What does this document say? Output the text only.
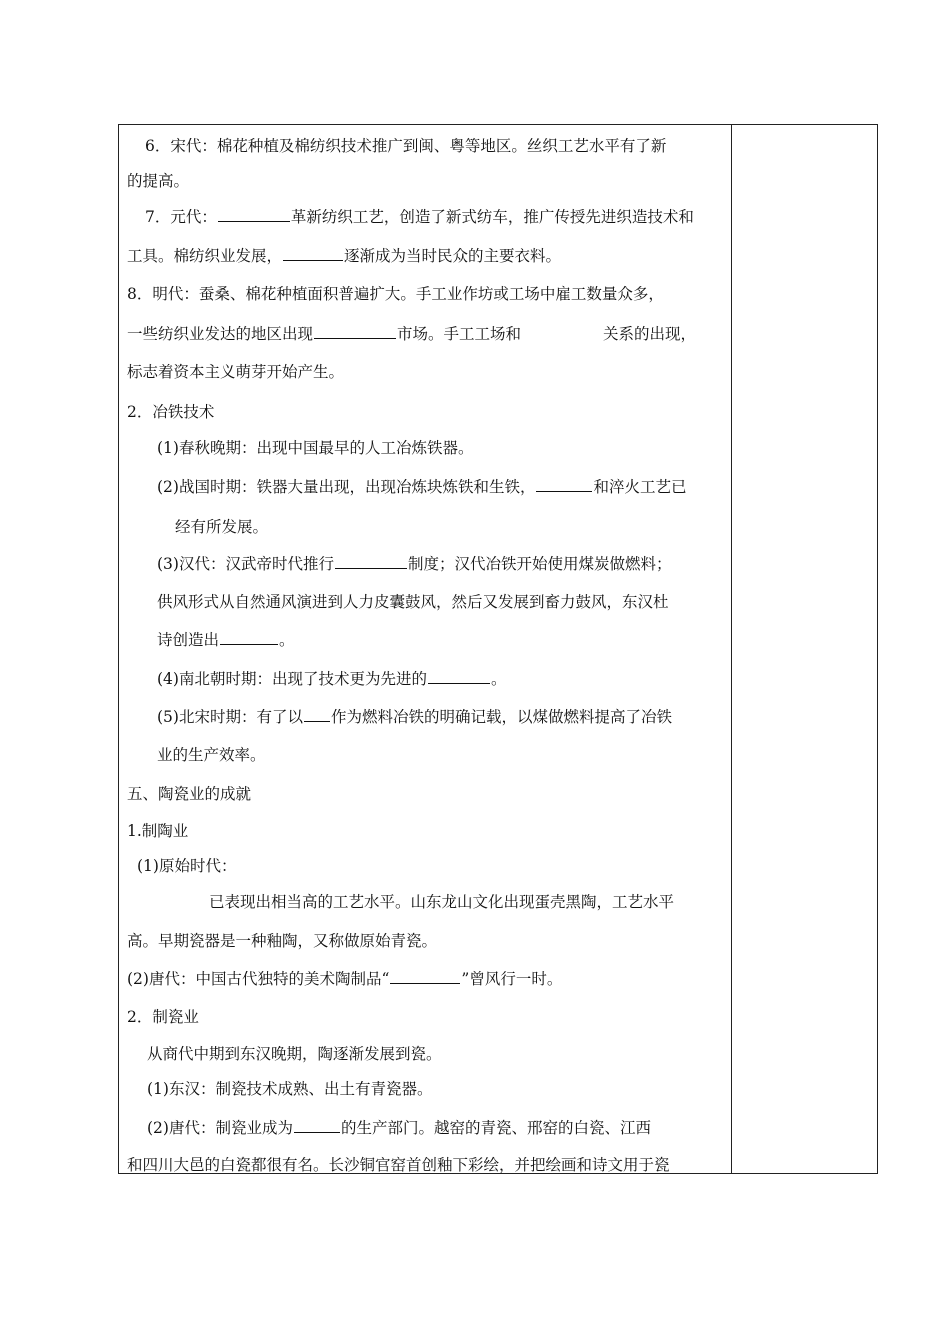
6．宋代：棉花种植及棉纺织技术推广到闽、粤等地区。丝织工艺水平有了新
的提高。
7．元代：	革新纺织工艺，创造了新式纺车，推广传授先进织造技术和
工具。棉纺织业发展，	逐渐成为当时民众的主要衣料。
8．明代：蚕桑、棉花种植面积普遍扩大。手工业作坊或工场中雇工数量众多，
一些纺织业发达的地区出现	市场。手工工场和	关系的出现，
标志着资本主义萌芽开始产生。
2．冶铁技术
(1)春秋晚期：出现中国最早的人工冶炼铁器。
(2)战国时期：铁器大量出现，出现冶炼块炼铁和生铁，	和淬火工艺已
经有所发展。
(3)汉代：汉武帝时代推行	制度；汉代冶铁开始使用煤炭做燃料；
供风形式从自然通风演进到人力皮囊鼓风，然后又发展到畜力鼓风，东汉杜
诗创造出	。
(4)南北朝时期：出现了技术更为先进的	。
(5)北宋时期：有了以 作为燃料冶铁的明确记载，以煤做燃料提高了冶铁
业的生产效率。
五、陶瓷业的成就
1.制陶业
(1)原始时代：
已表现出相当高的工艺水平。山东龙山文化出现蛋壳黑陶，工艺水平
高。早期瓷器是一种釉陶，又称做原始青瓷。
(2)唐代：中国古代独特的美术陶制品“	”曾风行一时。
2．制瓷业
从商代中期到东汉晚期，陶逐渐发展到瓷。
(1)东汉：制瓷技术成熟、出土有青瓷器。
(2)唐代：制瓷业成为	的生产部门。越窑的青瓷、邢窑的白瓷、江西
和四川大邑的白瓷都很有名。长沙铜官窑首创釉下彩绘，并把绘画和诗文用于瓷
